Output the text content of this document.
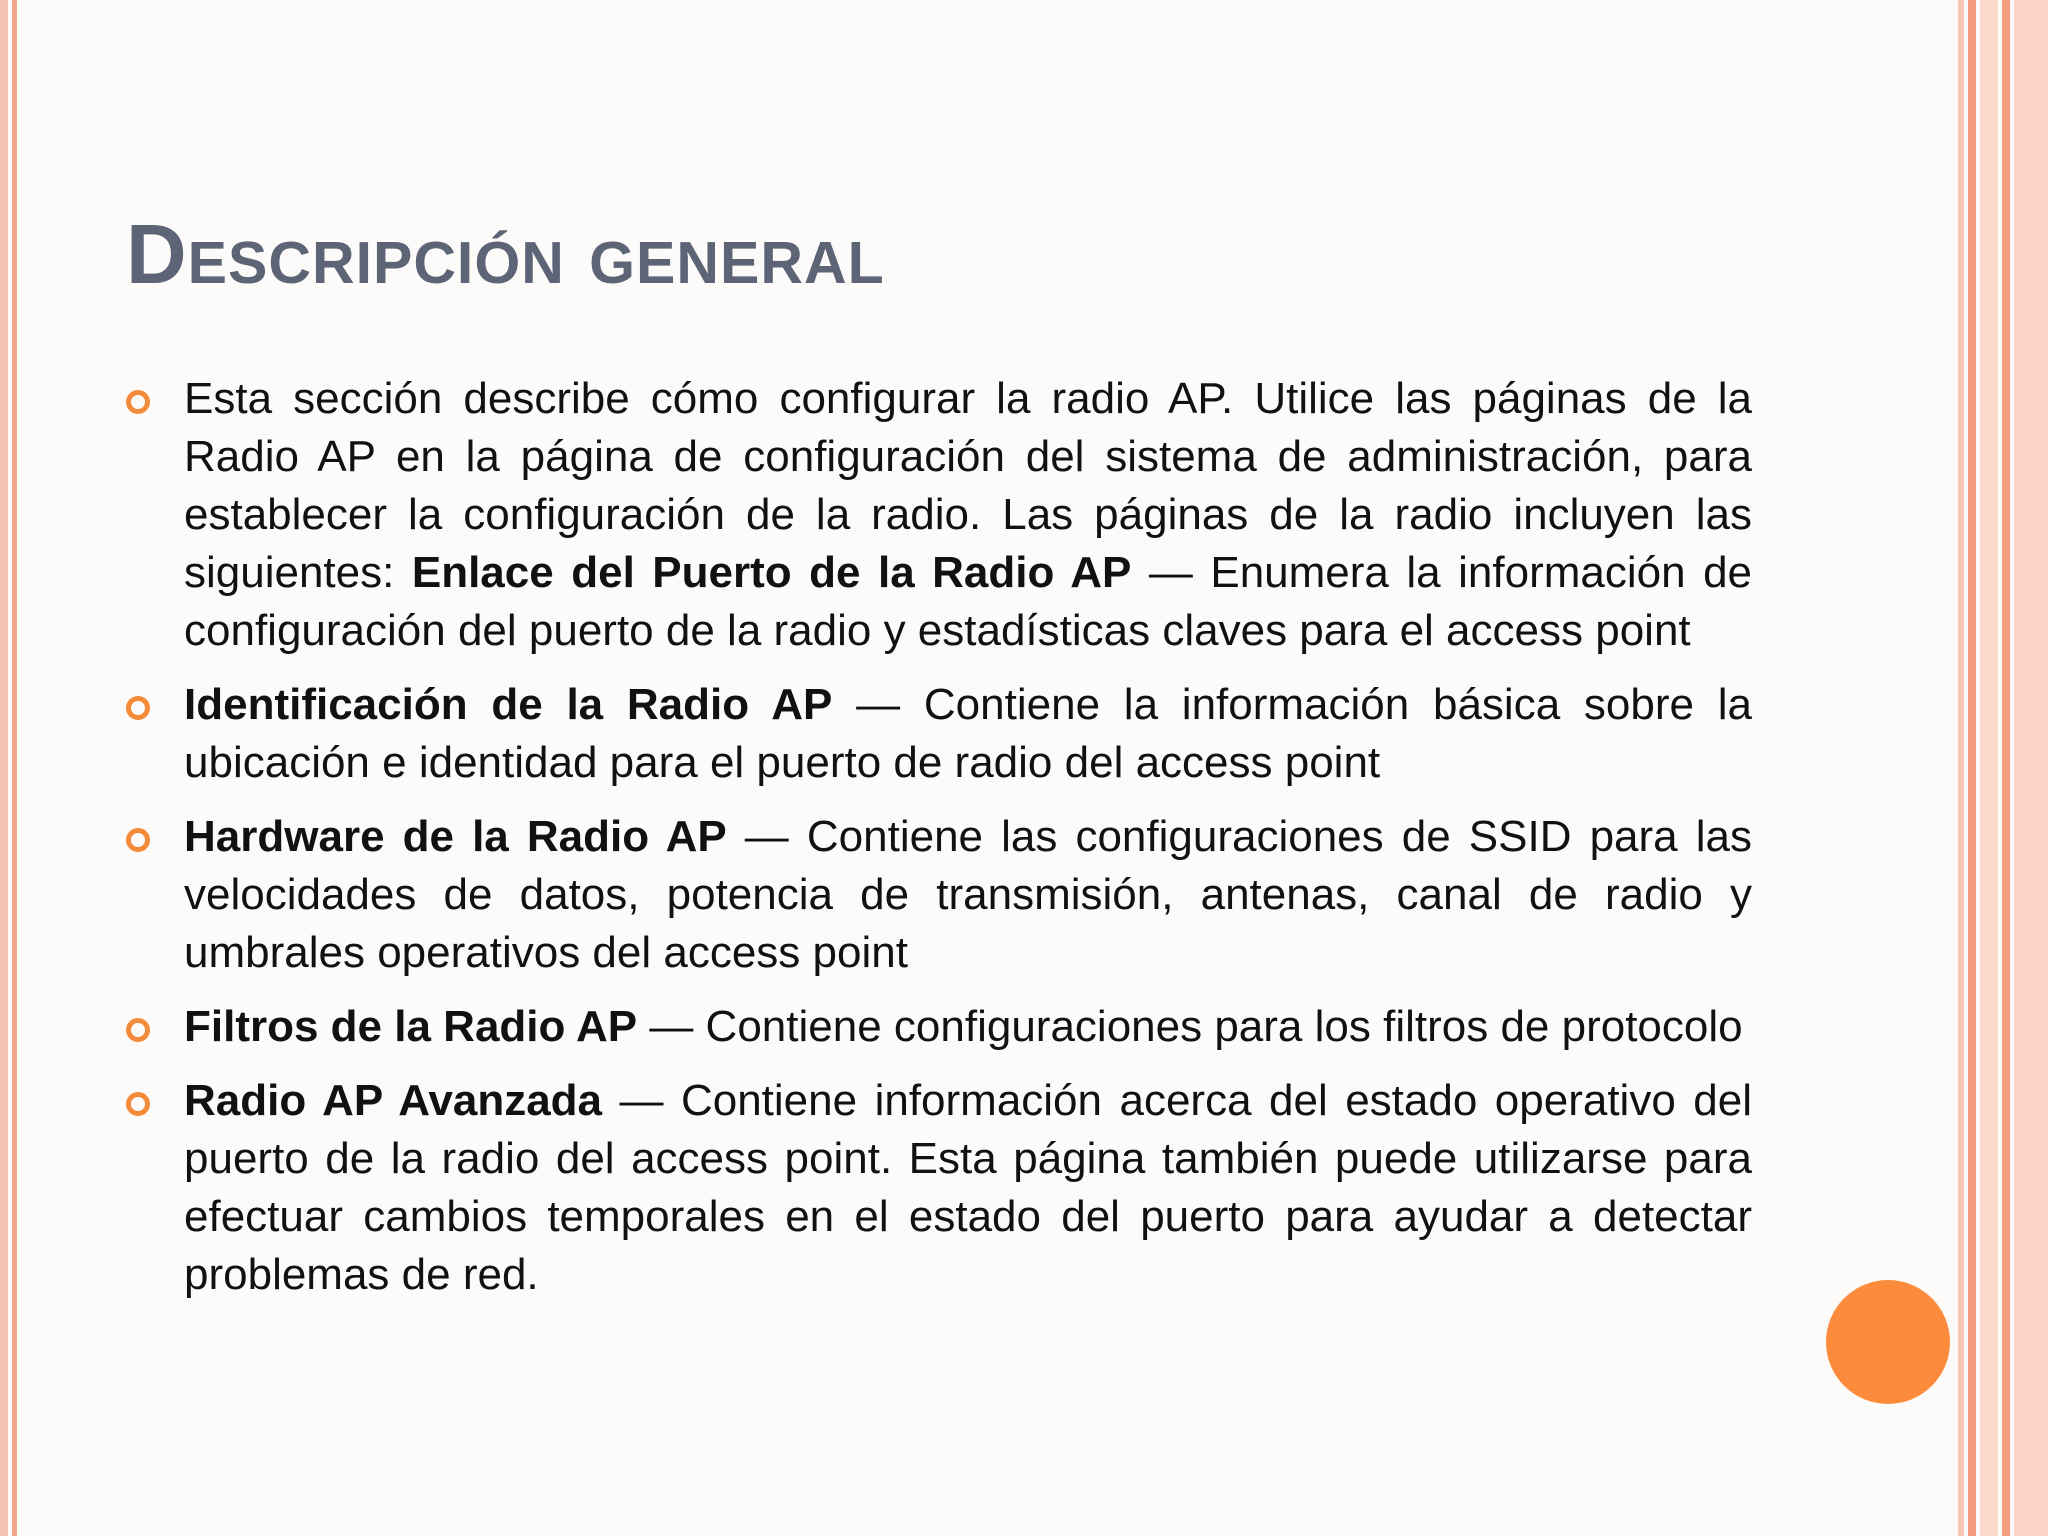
Descripción general
Esta sección describe cómo configurar la radio AP. Utilice las páginas de la Radio AP en la página de configuración del sistema de administración, para establecer la configuración de la radio. Las páginas de la radio incluyen las siguientes: Enlace del Puerto de la Radio AP — Enumera la información de configuración del puerto de la radio y estadísticas claves para el access point
Identificación de la Radio AP — Contiene la información básica sobre la ubicación e identidad para el puerto de radio del access point
Hardware de la Radio AP — Contiene las configuraciones de SSID para las velocidades de datos, potencia de transmisión, antenas, canal de radio y umbrales operativos del access point
Filtros de la Radio AP — Contiene configuraciones para los filtros de protocolo
Radio AP Avanzada — Contiene información acerca del estado operativo del puerto de la radio del access point. Esta página también puede utilizarse para efectuar cambios temporales en el estado del puerto para ayudar a detectar problemas de red.
